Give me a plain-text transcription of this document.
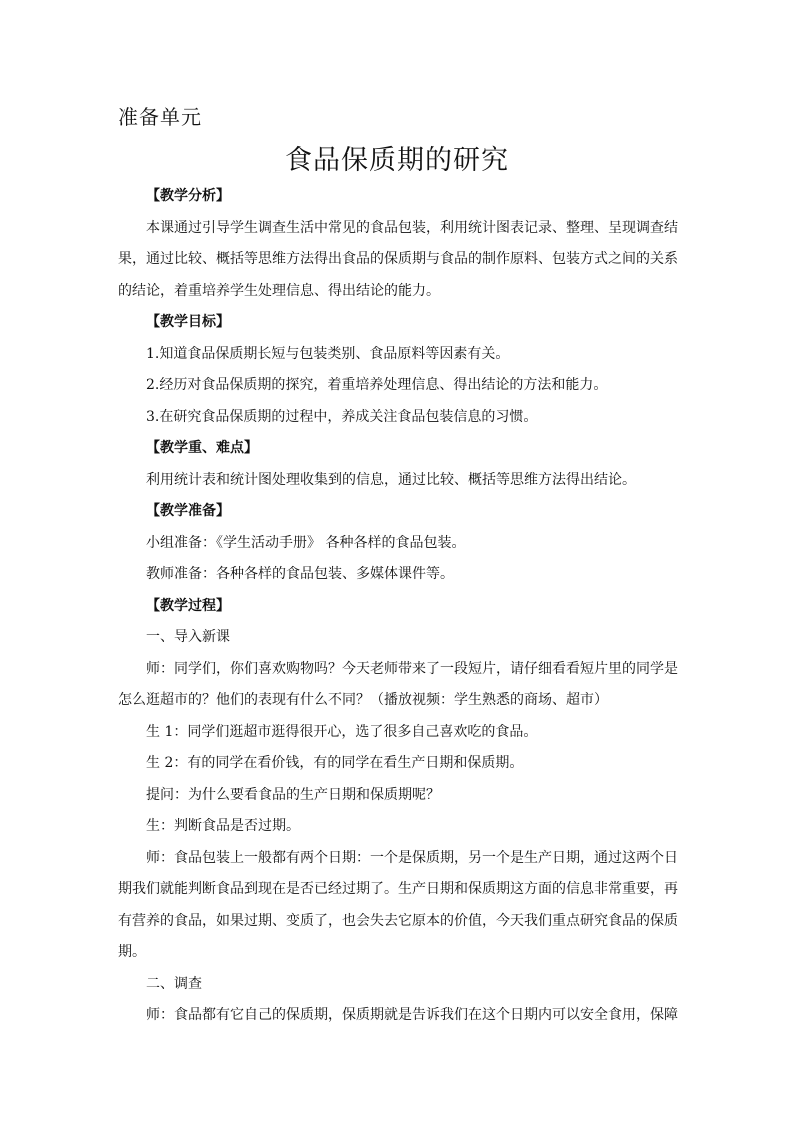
准备单元
食品保质期的研究

【教学分析】

本课通过引导学生调查生活中常见的食品包装，利用统计图表记录、整理、呈现调查结果，通过比较、概括等思维方法得出食品的保质期与食品的制作原料、包装方式之间的关系的结论，着重培养学生处理信息、得出结论的能力。

【教学目标】

1.知道食品保质期长短与包装类别、食品原料等因素有关。

2.经历对食品保质期的探究，着重培养处理信息、得出结论的方法和能力。

3.在研究食品保质期的过程中，养成关注食品包装信息的习惯。

【教学重、难点】

利用统计表和统计图处理收集到的信息，通过比较、概括等思维方法得出结论。

【教学准备】

小组准备：《学生活动手册》 各种各样的食品包装。

教师准备：各种各样的食品包装、多媒体课件等。

【教学过程】

一、导入新课

师：同学们，你们喜欢购物吗？今天老师带来了一段短片，请仔细看看短片里的同学是怎么逛超市的？他们的表现有什么不同？（播放视频：学生熟悉的商场、超市）

生 1：同学们逛超市逛得很开心，选了很多自己喜欢吃的食品。

生 2：有的同学在看价钱，有的同学在看生产日期和保质期。

提问：为什么要看食品的生产日期和保质期呢？

生：判断食品是否过期。

师：食品包装上一般都有两个日期：一个是保质期，另一个是生产日期，通过这两个日期我们就能判断食品到现在是否已经过期了。生产日期和保质期这方面的信息非常重要，再有营养的食品，如果过期、变质了，也会失去它原本的价值，今天我们重点研究食品的保质期。

二、调查

师：食品都有它自己的保质期，保质期就是告诉我们在这个日期内可以安全食用，保障
